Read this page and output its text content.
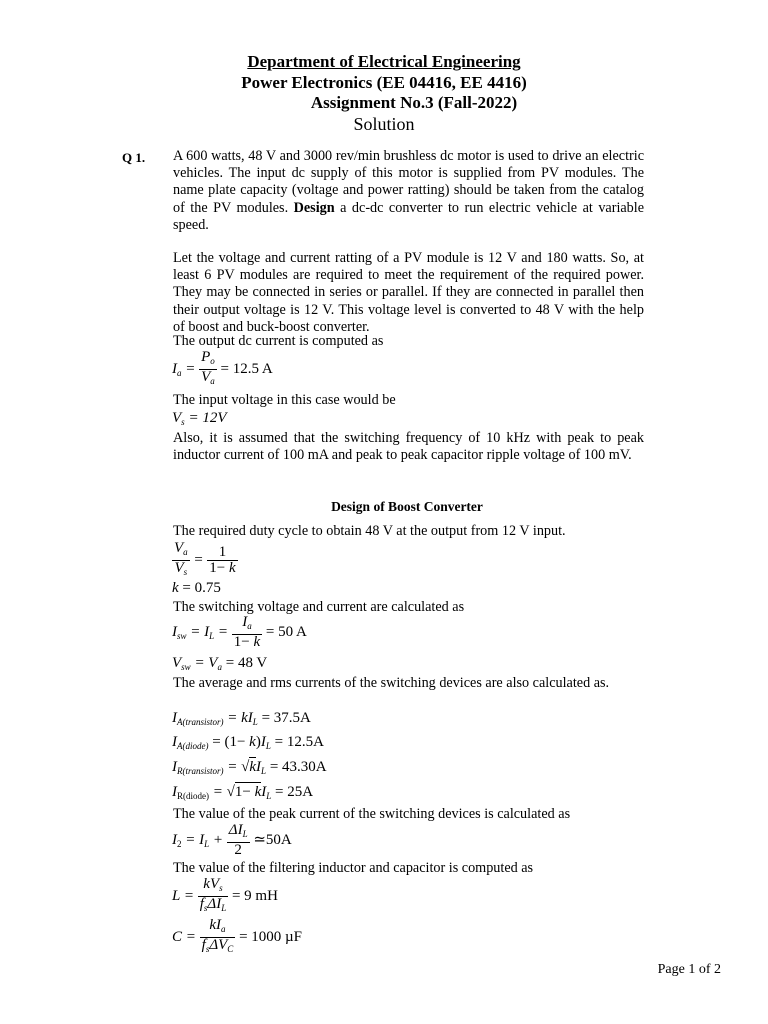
Department of Electrical Engineering
Power Electronics (EE 04416, EE 4416)
Assignment No.3 (Fall-2022)
Solution
Q 1. A 600 watts, 48 V and 3000 rev/min brushless dc motor is used to drive an electric vehicles. The input dc supply of this motor is supplied from PV modules. The name plate capacity (voltage and power ratting) should be taken from the catalog of the PV modules. Design a dc-dc converter to run electric vehicle at variable speed.

Let the voltage and current ratting of a PV module is 12 V and 180 watts. So, at least 6 PV modules are required to meet the requirement of the required power. They may be connected in series or parallel. If they are connected in parallel then their output voltage is 12 V. This voltage level is converted to 48 V with the help of boost and buck-boost converter.

The output dc current is computed as
$I_a = \frac{P_o}{V_a} = 12.5$ A
The input voltage in this case would be
$V_s = 12V$

Also, it is assumed that the switching frequency of 10 kHz with peak to peak inductor current of 100 mA and peak to peak capacitor ripple voltage of 100 mV.

Design of Boost Converter
The required duty cycle to obtain 48 V at the output from 12 V input.
$\frac{V_a}{V_s} = \frac{1}{1- k}$
k = 0.75
The switching voltage and current are calculated as
$I_{sw} = I_L = \frac{I_a}{1- k} = 50$ A
$V_{sw} = V_a = 48$ V

The average and rms currents of the switching devices are also calculated as.

$I_{A(transistor)} = kI_L = 37.5A$
$I_{A(diode)} = (1- k)I_L = 12.5A$
$I_{R(transistor)} = √kI_L = 43.30A$
$I_{R(diode)} = √1- kI_L = 25A$
The value of the peak current of the switching devices is calculated as
$I_2 = I_L + \frac{\Delta I_L}{2}$ ≃50A
The value of the filtering inductor and capacitor is computed as
$L = \frac{kV_s}{f_s\Delta I_L} = 9$ mH
$C = \frac{kI_a}{f_s\Delta V_C} = 1000$ µF
Page 1 of 2
